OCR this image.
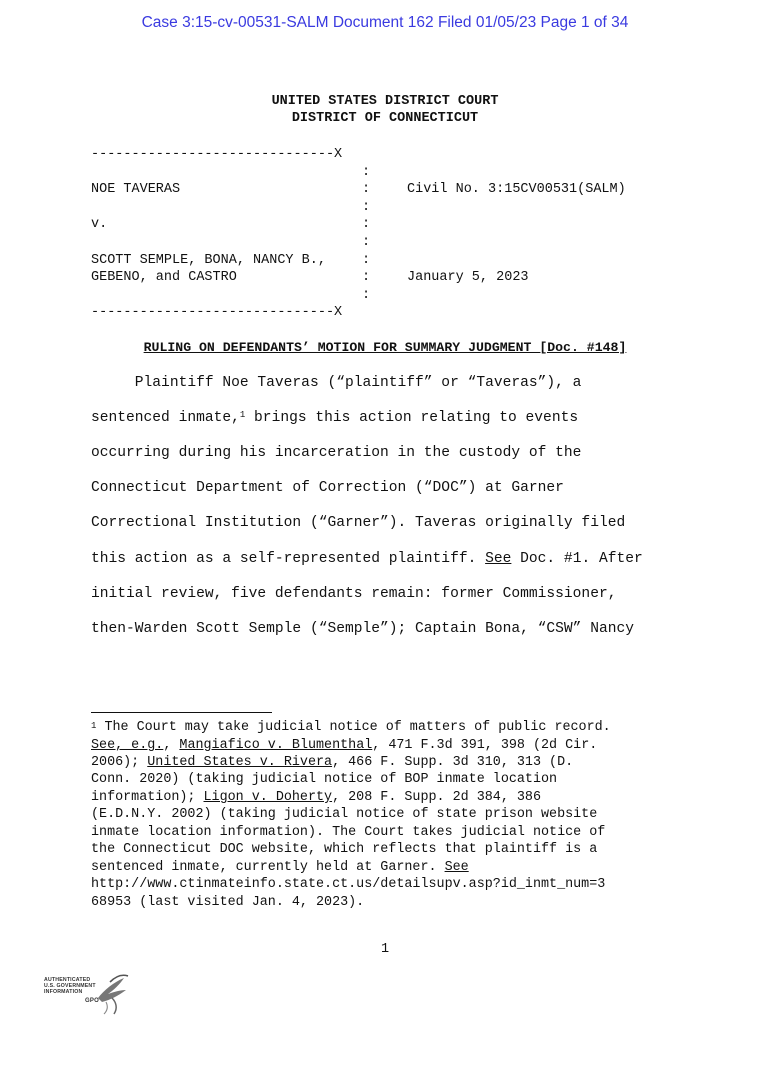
Case 3:15-cv-00531-SALM Document 162 Filed 01/05/23 Page 1 of 34
UNITED STATES DISTRICT COURT
DISTRICT OF CONNECTICUT
------------------------------X
:
NOE TAVERAS	:	Civil No. 3:15CV00531(SALM)
:
v.	:
:
SCOTT SEMPLE, BONA, NANCY B.,	:
GEBENO, and CASTRO	:	January 5, 2023
:
------------------------------X
RULING ON DEFENDANTS’ MOTION FOR SUMMARY JUDGMENT [Doc. #148]
Plaintiff Noe Taveras (“plaintiff” or “Taveras”), a
sentenced inmate,$^1$ brings this action relating to events
occurring during his incarceration in the custody of the
Connecticut Department of Correction (“DOC”) at Garner
Correctional Institution (“Garner”). Taveras originally filed
this action as a self-represented plaintiff. See Doc. #1. After
initial review, five defendants remain: former Commissioner,
then-Warden Scott Semple (“Semple”); Captain Bona, “CSW” Nancy
$^1$ The Court may take judicial notice of matters of public record.
See, e.g., Mangiafico v. Blumenthal, 471 F.3d 391, 398 (2d Cir.
2006); United States v. Rivera, 466 F. Supp. 3d 310, 313 (D.
Conn. 2020) (taking judicial notice of BOP inmate location
information); Ligon v. Doherty, 208 F. Supp. 2d 384, 386
(E.D.N.Y. 2002) (taking judicial notice of state prison website
inmate location information). The Court takes judicial notice of
the Connecticut DOC website, which reflects that plaintiff is a
sentenced inmate, currently held at Garner. See
http://www.ctinmateinfo.state.ct.us/detailsupv.asp?id_inmt_num=3
68953 (last visited Jan. 4, 2023).
1

AUTHENTICATED

U.S. GOVERNMENT

INFORMATION

GPO
